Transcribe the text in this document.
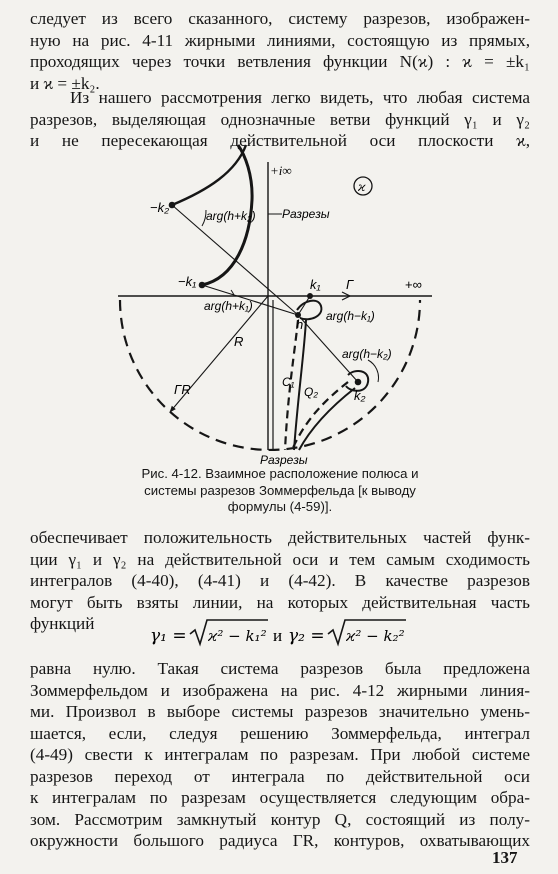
следует из всего сказанного, систему разрезов, изображен-
ную на рис. 4-11 жирными линиями, состоящую из прямых,
проходящих через точки ветвления функции N(ϰ) : ϰ = ±k₁
и ϰ = ±k₂.
Из нашего рассмотрения легко видеть, что любая система
разрезов, выделяющая однозначные ветви функций γ₁ и γ₂
и не пересекающая действительной оси плоскости ϰ,
+i∞
ϰ
−k₂
arg(h+k₂) Разрезы
−k₁	k₁ Γ	+∞
arg(h+k₁)
h
arg(h−k₁)
R
arg(h−k₂)
C₁
Q₂
ΓR	k₂
Разрезы
Рис. 4-12. Взаимное расположение полюса и
системы разрезов Зоммерфельда [к выводу
формулы (4-59)].
обеспечивает положительность действительных частей функ-
ции γ₁ и γ₂ на действительной оси и тем самым сходимость
интегралов (4-40), (4-41) и (4-42). В качестве разрезов
могут быть взяты линии, на которых действительная часть
функций
γ₁ = ϰ² − k₁² и γ₂ = ϰ² − k₂²
равна нулю. Такая система разрезов была предложена
Зоммерфельдом и изображена на рис. 4-12 жирными линия-
ми. Произвол в выборе системы разрезов значительно умень-
шается, если, следуя решению Зоммерфельда, интеграл
(4-49) свести к интегралам по разрезам. При любой системе
разрезов переход от интеграла по действительной оси
к интегралам по разрезам осуществляется следующим обра-
зом. Рассмотрим замкнутый контур Q, состоящий из полу-
окружности большого радиуса ΓR, контуров, охватывающих
137
